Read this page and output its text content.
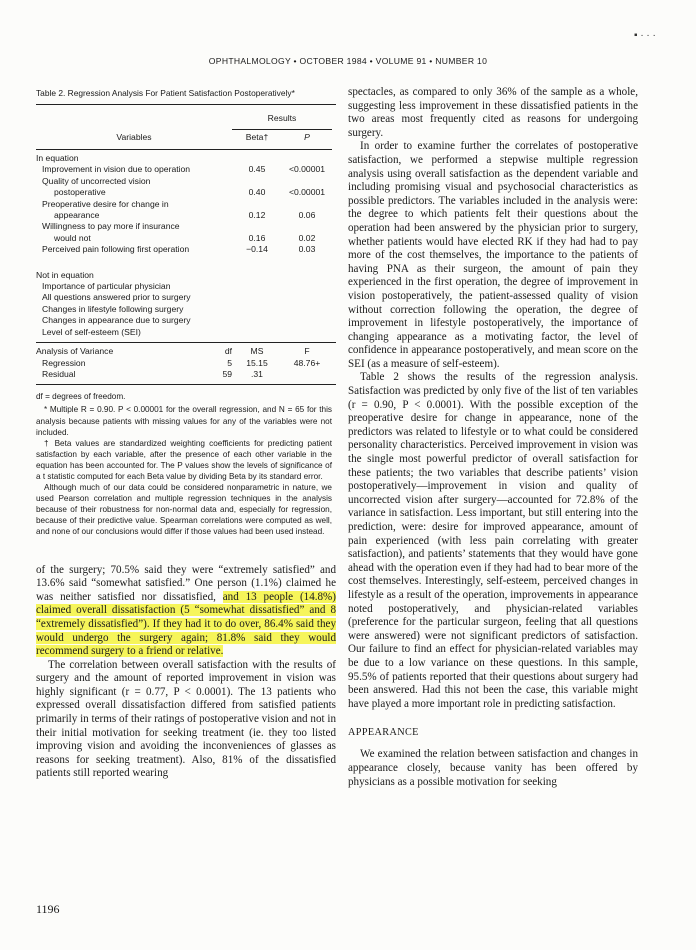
OPHTHALMOLOGY • OCTOBER 1984 • VOLUME 91 • NUMBER 10
▪ · · ·
Table 2. Regression Analysis For Patient Satisfaction Postoperatively*
	Results	

Variables	Beta†	P

In equation		
Improvement in vision due to operation	0.45	<0.00001
Quality of uncorrected vision		
postoperative	0.40	<0.00001
Preoperative desire for change in		
appearance	0.12	0.06
Willingness to pay more if insurance		
would not	0.16	0.02
Perceived pain following first operation	−0.14	0.03

Not in equation		
Importance of particular physician		
All questions answered prior to surgery		
Changes in lifestyle following surgery		
Changes in appearance due to surgery		
Level of self-esteem (SEI)		
Analysis of Variance	df	MS	F
Regression	5	15.15	48.76+
Residual	59	.31	

df = degrees of freedom.

* Multiple R = 0.90. P < 0.00001 for the overall regression, and N = 65 for this analysis because patients with missing values for any of the variables were not included.

† Beta values are standardized weighting coefficients for predicting patient satisfaction by each variable, after the presence of each other variable in the equation has been accounted for. The P values show the levels of significance of a t statistic computed for each Beta value by dividing Beta by its standard error.

Although much of our data could be considered nonparametric in nature, we used Pearson correlation and multiple regression techniques in the analysis because of their robustness for non-normal data and, especially for regression, because of their predictive value. Spearman correlations were computed as well, and none of our conclusions would differ if those values had been used instead.

of the surgery; 70.5% said they were “extremely satisfied” and 13.6% said “somewhat satisfied.” One person (1.1%) claimed he was neither satisfied nor dissatisfied, and 13 people (14.8%) claimed overall dissatisfaction (5 “somewhat dissatisfied” and 8 “extremely dissatisfied”). If they had it to do over, 86.4% said they would undergo the surgery again; 81.8% said they would recommend surgery to a friend or relative.

The correlation between overall satisfaction with the results of surgery and the amount of reported improvement in vision was highly significant (r = 0.77, P < 0.0001). The 13 patients who expressed overall dissatisfaction differed from satisfied patients primarily in terms of their ratings of postoperative vision and not in their initial motivation for seeking treatment (ie. they too listed improving vision and avoiding the inconveniences of glasses as reasons for seeking treatment). Also, 81% of the dissatisfied patients still reported wearing

spectacles, as compared to only 36% of the sample as a whole, suggesting less improvement in these dissatisfied patients in the two areas most frequently cited as reasons for undergoing surgery.

In order to examine further the correlates of postoperative satisfaction, we performed a stepwise multiple regression analysis using overall satisfaction as the dependent variable and including promising visual and psychosocial characteristics as possible predictors. The variables included in the analysis were: the degree to which patients felt their questions about the operation had been answered by the physician prior to surgery, whether patients would have elected RK if they had had to pay more of the cost themselves, the importance to the patients of having PNA as their surgeon, the amount of pain they experienced in the first operation, the degree of improvement in vision postoperatively, the patient-assessed quality of vision without correction following the operation, the degree of improvement in lifestyle postoperatively, the importance of changing appearance as a motivating factor, the level of confidence in appearance postoperatively, and mean score on the SEI (as a measure of self-esteem).

Table 2 shows the results of the regression analysis. Satisfaction was predicted by only five of the list of ten variables (r = 0.90, P < 0.0001). With the possible exception of the preoperative desire for change in appearance, none of the predictors was related to lifestyle or to what could be considered personality characteristics. Perceived improvement in vision was the single most powerful predictor of overall satisfaction for these patients; the two variables that describe patients’ vision postoperatively—improvement in vision and quality of uncorrected vision after surgery—accounted for 72.8% of the variance in satisfaction. Less important, but still entering into the prediction, were: desire for improved appearance, amount of pain experienced (with less pain correlating with greater satisfaction), and patients’ statements that they would have gone ahead with the operation even if they had had to bear more of the cost themselves. Interestingly, self-esteem, perceived changes in lifestyle as a result of the operation, improvements in appearance noted postoperatively, and physician-related variables (preference for the particular surgeon, feeling that all questions were answered) were not significant predictors of satisfaction. Our failure to find an effect for physician-related variables may be due to a low variance on these questions. In this sample, 95.5% of patients reported that their questions about surgery had been answered. Had this not been the case, this variable might have played a more important role in predicting satisfaction.

APPEARANCE

We examined the relation between satisfaction and changes in appearance closely, because vanity has been offered by physicians as a possible motivation for seeking

1196
